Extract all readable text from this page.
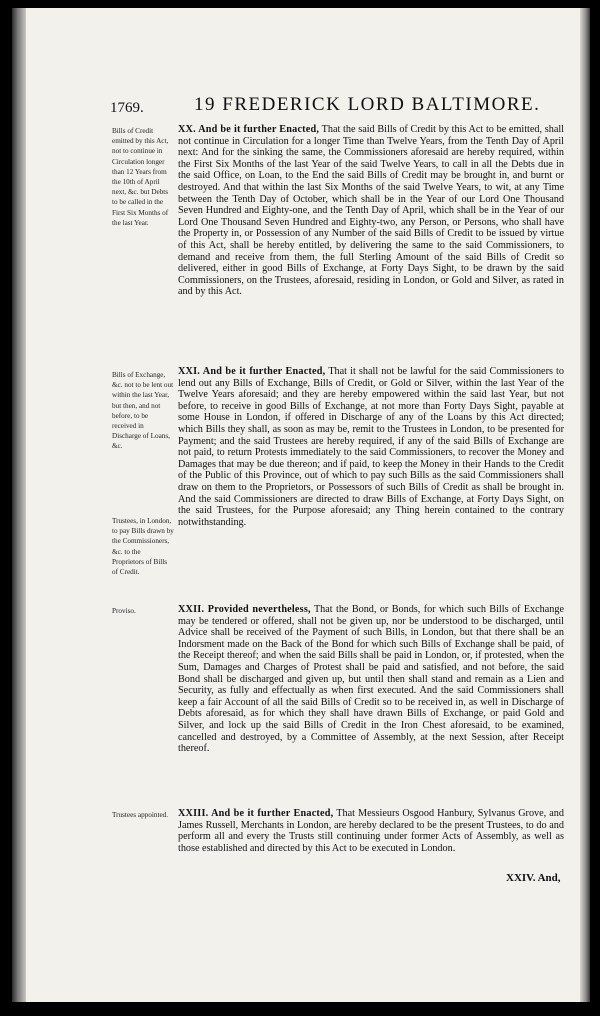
1769.	19 FREDERICK LORD BALTIMORE.
Bills of Credit emitted by this Act, not to continue in Circulation longer than 12 Years from the 10th of April next, &c. but Debts to be called in the First Six Months of the last Year.

XX. And be it further Enacted, That the said Bills of Credit by this Act to be emitted, shall not continue in Circulation for a longer Time than Twelve Years, from the Tenth Day of April next: And for the sinking the same, the Commissioners aforesaid are hereby required, within the First Six Months of the last Year of the said Twelve Years, to call in all the Debts due in the said Office, on Loan, to the End the said Bills of Credit may be brought in, and burnt or destroyed. And that within the last Six Months of the said Twelve Years, to wit, at any Time between the Tenth Day of October, which shall be in the Year of our Lord One Thousand Seven Hundred and Eighty-one, and the Tenth Day of April, which shall be in the Year of our Lord One Thousand Seven Hundred and Eighty-two, any Person, or Persons, who shall have the Property in, or Possession of any Number of the said Bills of Credit to be issued by virtue of this Act, shall be hereby entitled, by delivering the same to the said Commissioners, to demand and receive from them, the full Sterling Amount of the said Bills of Credit so delivered, either in good Bills of Exchange, at Forty Days Sight, to be drawn by the said Commissioners, on the Trustees, aforesaid, residing in London, or Gold and Silver, as rated in and by this Act.

Bills of Exchange, &c. not to be lent out within the last Year, but then, and not before, to be received in Discharge of Loans, &c.

XXI. And be it further Enacted, That it shall not be lawful for the said Commissioners to lend out any Bills of Exchange, Bills of Credit, or Gold or Silver, within the last Year of the Twelve Years aforesaid; and they are hereby empowered within the said last Year, but not before, to receive in good Bills of Exchange, at not more than Forty Days Sight, payable at some House in London, if offered in Discharge of any of the Loans by this Act directed; which Bills they shall, as soon as may be, remit to the Trustees in London, to be presented for Payment; and the said Trustees are hereby required, if any of the said Bills of Exchange are not paid, to return Protests immediately to the said Commissioners, to recover the Money and Damages that may be due thereon; and if paid, to keep the Money in their Hands to the Credit of the Public of this Province, out of which to pay such Bills as the said Commissioners shall draw on them to the Proprietors, or Possessors of such Bills of Credit as shall be brought in. And the said Commissioners are directed to draw Bills of Exchange, at Forty Days Sight, on the said Trustees, for the Purpose aforesaid; any Thing herein contained to the contrary notwithstanding.

Trustees, in London, to pay Bills drawn by the Commissioners, &c. to the Proprietors of Bills of Credit.
Proviso.	XXII. Provided nevertheless, That the Bond, or Bonds, for which such Bills of Exchange may be tendered or offered, shall not be given up, nor be understood to be discharged, until Advice shall be received of the Payment of such Bills, in London, but that there shall be an Indorsment made on the Back of the Bond for which such Bills of Exchange shall be paid, of the Receipt thereof; and when the said Bills shall be paid in London, or, if protested, when the Sum, Damages and Charges of Protest shall be paid and satisfied, and not before, the said Bond shall be discharged and given up, but until then shall stand and remain as a Lien and Security, as fully and effectually as when first executed. And the said Commissioners shall keep a fair Account of all the said Bills of Credit so to be received in, as well in Discharge of Debts aforesaid, as for which they shall have drawn Bills of Exchange, or paid Gold and Silver, and lock up the said Bills of Credit in the Iron Chest aforesaid, to be examined, cancelled and destroyed, by a Committee of Assembly, at the next Session, after Receipt thereof.

Trustees appointed. XXIII. And be it further Enacted, That Messieurs Osgood Hanbury, Sylvanus Grove, and James Russell, Merchants in London, are hereby declared to be the present Trustees, to do and perform all and every the Trusts still continuing under former Acts of Assembly, as well as those established and directed by this Act to be executed in London.

XXIV. And,
